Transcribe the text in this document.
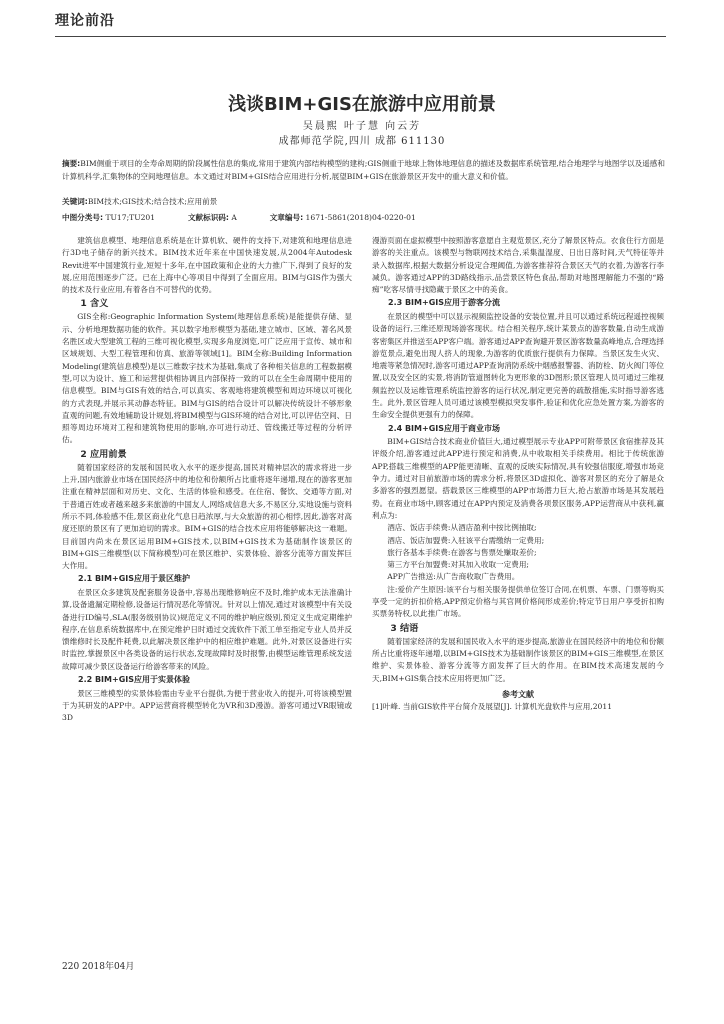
理论前沿
浅谈BIM+GIS在旅游中应用前景
吴晨熙 叶子慧 向云芳
成都师范学院,四川 成都 611130
摘要:BIM侧重于项目的全寿命周期的阶段属性信息的集成,常用于建筑内部结构模型的建构;GIS侧重于地球上物体地理信息的描述及数据库系统管理,结合地理学与地图学以及遥感和计算机科学,汇集物体的空间地理信息。本文通过对BIM+GIS结合应用进行分析,展望BIM+GIS在旅游景区开发中的重大意义和价值。
关键词:BIM技术;GIS技术;结合技术;应用前景
中图分类号: TU17;TU201	文献标识码: A	文章编号: 1671-5861(2018)04-0220-01

建筑信息模型、地理信息系统是在计算机软、硬件的支持下,对建筑和地理信息进行3D电子储存的新兴技术。BIM技术近年来在中国快速发展,从2004年Autodesk Revit进军中国建筑行业,短短十多年,在中国政策和企业的大力推广下,得到了良好的发展,应用范围逐步广泛。已在上海中心等项目中得到了全面应用。BIM与GIS作为强大的技术及行业应用,有着各自不可替代的优势。

1 含义

GIS全称:Geographic Information System(地理信息系统)是能提供存储、显示、分析地理数据功能的软件。其以数字地形模型为基础,建立城市、区域、著名风景名胜区或大型建筑工程的三维可视化模型,实现多角度浏览,可广泛应用于宣传、城市和区域规划、大型工程管理和仿真、旅游等领域[1]。BIM全称:Building Information Modeling(建筑信息模型)是以三维数字技术为基础,集成了各种相关信息的工程数据模型,可以为设计、施工和运营提供相协调且内部保持一致的可以在全生命周期中使用的信息模型。BIM与GIS有效的结合,可以真实、客观地将建筑模型和周边环境以可视化的方式表现,并展示其动静态特征。BIM与GIS的结合设计可以解决传统设计不够形象直观的问题,有效地辅助设计规划,将BIM模型与GIS环境的结合对比,可以评估空间、日照等周边环境对工程和建筑物使用的影响,亦可进行动迁、管线搬迁等过程的分析评估。

2 应用前景

随着国家经济的发展和国民收入水平的逐步提高,国民对精神层次的需求将进一步上升,国内旅游业市场在国民经济中的地位和份额所占比重将逐年递增,现在的游客更加注重在精神层面和对历史、文化、生活的体验和感受。在住宿、餐饮、交通等方面,对于普通百姓或者越来越多来旅游的中国友人,网络成信息大多,不易区分,实地设施与资料所示不同,体验感不佳,景区商业化气息日趋浓厚,与大众旅游的初心相悖,因此,游客对高度还原的景区有了更加迫切的需求。BIM+GIS的结合技术应用将能够解决这一难题。目前国内尚未在景区运用BIM+GIS技术,以BIM+GIS技术为基础制作该景区的BIM+GIS三维模型(以下简称模型)可在景区维护、实景体验、游客分流等方面发挥巨大作用。

2.1 BIM+GIS应用于景区维护

在景区众多建筑及配套服务设备中,容易出现维修响应不及时,维护成本无法准确计算,设备遗漏定期检修,设备运行情况恶化等情况。针对以上情况,通过对该模型中有关设备进行ID编号,SLA(服务级别协议)规范定义不同的维护响应级别,预定义生成定期维护程序,在信息系统数据库中,在预定维护日时通过交流软件下派工单至指定专业人员并反馈维修时长及配件耗费,以此解决景区维护中的相应维护难题。此外,对景区设备进行实时监控,掌握景区中各类设备的运行状态,发现故障时及时报警,由模型运维管理系统发送故障可减少景区设备运行给游客带来的风险。

2.2 BIM+GIS应用于实景体验

景区三维模型的实景体验需由专业平台提供,为便于营业收入的提升,可将该模型置于为其研发的APP中。APP运营商将模型转化为VR和3D漫游。游客可通过VR眼镜或3D

漫游页面在虚拟模型中按照游客意愿自主观览景区,充分了解景区特点。衣食住行方面是游客的关注重点。该模型与物联网技术结合,采集温湿度、日出日落时间,天气特征等并录入数据库,根据大数据分析设定合理阈值,为游客推荐符合景区天气的衣着,为游客行李减负。游客通过APP的3D路线指示,品尝景区特色食品,帮助对地图理解能力不强的“路痴”吃客尽情寻找隐藏于景区之中的美食。

2.3 BIM+GIS应用于游客分流

在景区的模型中可以显示视频监控设备的安装位置,并且可以通过系统远程遥控视频设备的运行,三维还原现场游客现状。结合相关程序,统计某景点的游客数量,自动生成游客密集区并推送至APP客户端。游客通过APP查询避开景区游客数量高峰地点,合理选择游览景点,避免出现人挤人的现象,为游客的优质旅行提供有力保障。当景区发生火灾、地震等紧急情况时,游客可通过APP查询消防系统中烟感报警器、消防栓、防火阀门等位置,以及安全区的实景,将消防管道图转化为更形象的3D图形;景区管理人员可通过三维视频监控以及运维管理系统监控游客的运行状况,制定更完善的疏散措施,实时指导游客逃生。此外,景区管理人员可通过该模型模拟突发事件,验证和优化应急处置方案,为游客的生命安全提供更强有力的保障。

2.4 BIM+GIS应用于商业市场

BIM+GIS结合技术商业价值巨大,通过模型展示专业APP可附带景区食宿推荐及其评级介绍,游客通过此APP进行预定和消费,从中收取相关手续费用。相比于传统旅游APP,搭载三维模型的APP能更清晰、直观的反映实际情况,具有较强信服度,增强市场竞争力。通过对目前旅游市场的需求分析,将景区3D虚拟化、游客对景区的充分了解是众多游客的强烈愿望。搭载景区三维模型的APP市场潜力巨大,抢占旅游市场是其发展趋势。在商业市场中,顾客通过在APP内预定及消费各项景区服务,APP运营商从中获利,赢利点为:

酒店、饭店手续费:从酒店盈利中按比例抽取;

酒店、饭店加盟费:入驻该平台需缴纳一定费用;

旅行各基本手续费:在游客与售票处赚取差价;

第三方平台加盟费:对其加入收取一定费用;

APP广告推送:从广告商收取广告费用。

注:爱价产生原因:该平台与相关服务提供单位签订合同,在机票、车票、门票等购买享受一定的折扣价格,APP预定价格与其官网价格间形成差价;特定节日用户享受折扣购买票务特权,以此推广市场。

3 结语

随着国家经济的发展和国民收入水平的逐步提高,旅游业在国民经济中的地位和份额所占比重将逐年递增,以BIM+GIS技术为基础制作该景区的BIM+GIS三维模型,在景区维护、实景体验、游客分流等方面发挥了巨大的作用。在BIM技术高速发展的今天,BIM+GIS集合技术应用将更加广泛。

参考文献

[1]叶峰. 当前GIS软件平台简介及展望[J]. 计算机光盘软件与应用,2011

220 2018年04月
